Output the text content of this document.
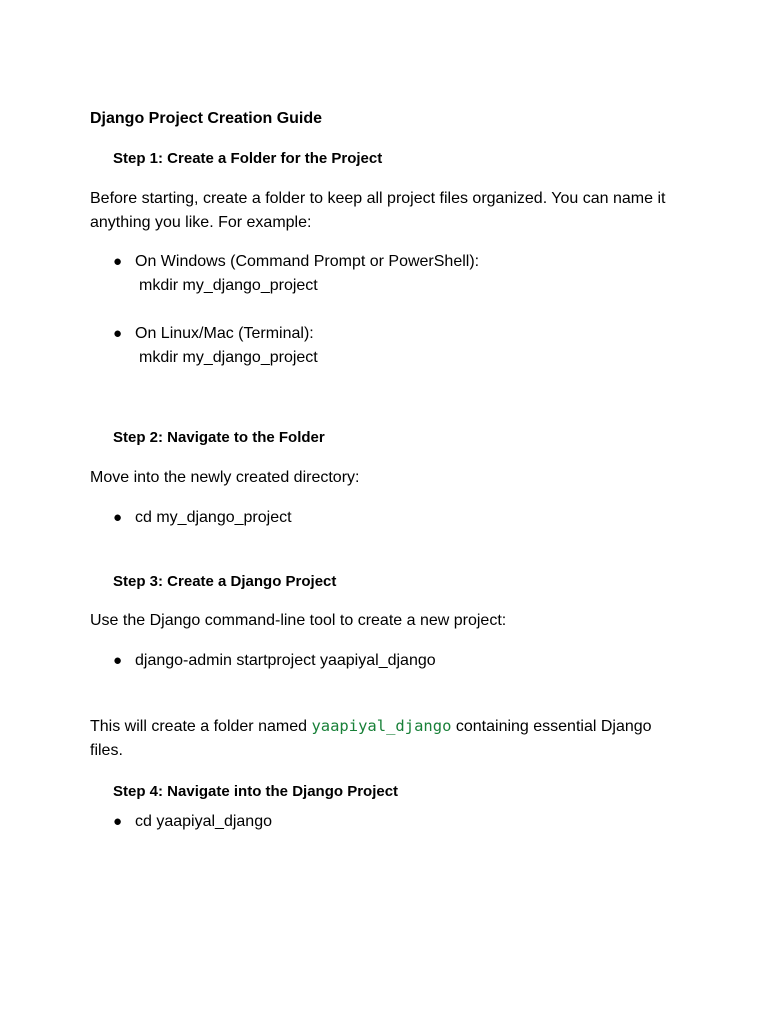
Django Project Creation Guide
Step 1: Create a Folder for the Project
Before starting, create a folder to keep all project files organized. You can name it anything you like. For example:
● On Windows (Command Prompt or PowerShell):
mkdir my_django_project
● On Linux/Mac (Terminal):
mkdir my_django_project
Step 2: Navigate to the Folder
Move into the newly created directory:
● cd my_django_project
Step 3: Create a Django Project
Use the Django command-line tool to create a new project:
● django-admin startproject yaapiyal_django
This will create a folder named yaapiyal_django containing essential Django files.
Step 4: Navigate into the Django Project
● cd yaapiyal_django
